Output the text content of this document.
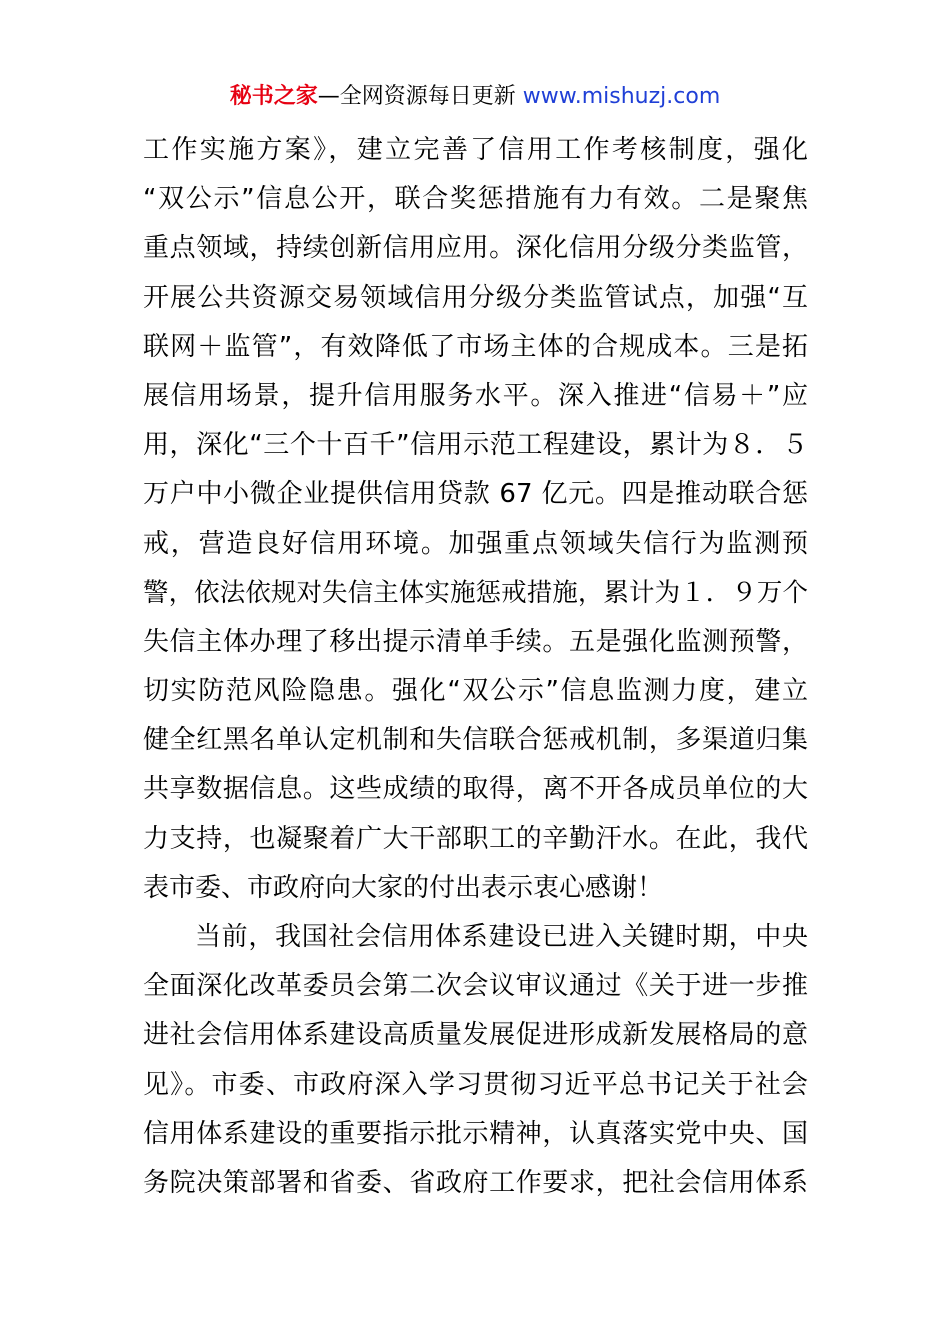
秘书之家—全网资源每日更新 www.mishuzj.com
工作实施方案》，建立完善了信用工作考核制度，强化
“双公示”信息公开，联合奖惩措施有力有效。二是聚焦
重点领域，持续创新信用应用。深化信用分级分类监管，
开展公共资源交易领域信用分级分类监管试点，加强“互
联网＋监管”，有效降低了市场主体的合规成本。三是拓
展信用场景，提升信用服务水平。深入推进“信易＋”应
用，深化“三个十百千”信用示范工程建设，累计为８．５
万户中小微企业提供信用贷款 67 亿元。四是推动联合惩
戒，营造良好信用环境。加强重点领域失信行为监测预
警，依法依规对失信主体实施惩戒措施，累计为１．９万个
失信主体办理了移出提示清单手续。五是强化监测预警，
切实防范风险隐患。强化“双公示”信息监测力度，建立
健全红黑名单认定机制和失信联合惩戒机制，多渠道归集
共享数据信息。这些成绩的取得，离不开各成员单位的大
力支持，也凝聚着广大干部职工的辛勤汗水。在此，我代
表市委、市政府向大家的付出表示衷心感谢！
当前，我国社会信用体系建设已进入关键时期，中央
全面深化改革委员会第二次会议审议通过《关于进一步推
进社会信用体系建设高质量发展促进形成新发展格局的意
见》。市委、市政府深入学习贯彻习近平总书记关于社会
信用体系建设的重要指示批示精神，认真落实党中央、国
务院决策部署和省委、省政府工作要求，把社会信用体系
